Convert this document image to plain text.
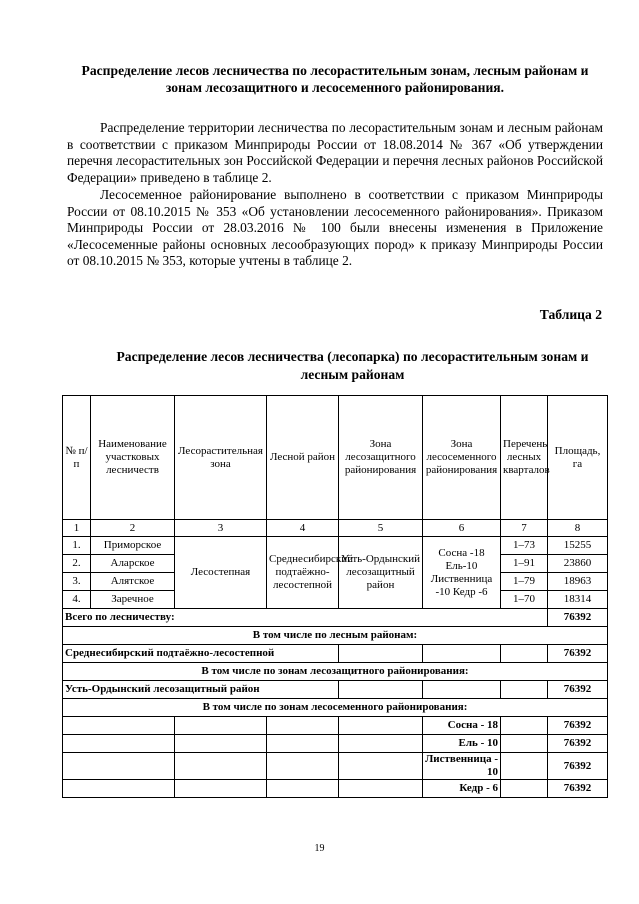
Распределение лесов лесничества по лесорастительным зонам, лесным районам и зонам лесозащитного и лесосеменного районирования.

Распределение территории лесничества по лесорастительным зонам и лесным районам в соответствии с приказом Минприроды России от 18.08.2014 № 367 «Об утверждении перечня лесорастительных зон Российской Федерации и перечня лесных районов Российской Федерации» приведено в таблице 2.

Лесосеменное районирование выполнено в соответствии с приказом Минприроды России от 08.10.2015 № 353 «Об установлении лесосеменного районирования». Приказом Минприроды России от 28.03.2016 № 100 были внесены изменения в Приложение «Лесосеменные районы основных лесообразующих пород» к приказу Минприроды России от 08.10.2015 № 353, которые учтены в таблице 2.

Таблица 2

Распределение лесов лесничества (лесопарка) по лесорастительным зонам и лесным районам

№ п/п	Наименование участковых лесничеств	Лесорастительная зона	Лесной район	Зона лесозащитного районирования	Зона лесосеменного районирования	Перечень лесных кварталов	Площадь, га
1	2	3	4	5	6	7	8
1.	Приморское	Лесостепная	Среднесибирский подтаёжно-лесостепной	Усть-Ордынский лесозащитный район	Сосна -18 Ель-10 Лиственница -10 Кедр -6	1–73	15255
2.	Аларское					1–91	23860
3.	Алятское					1–79	18963
4.	Заречное					1–70	18314
Всего по лесничеству:							76392
В том числе по лесным районам:							
Среднесибирский подтаёжно-лесостепной							76392
В том числе по зонам лесозащитного районирования:							
Усть-Ордынский лесозащитный район							76392
В том числе по зонам лесосеменного районирования:							
					Сосна - 18		76392
					Ель - 10		76392
					Лиственница - 10		76392
					Кедр - 6		76392

19
